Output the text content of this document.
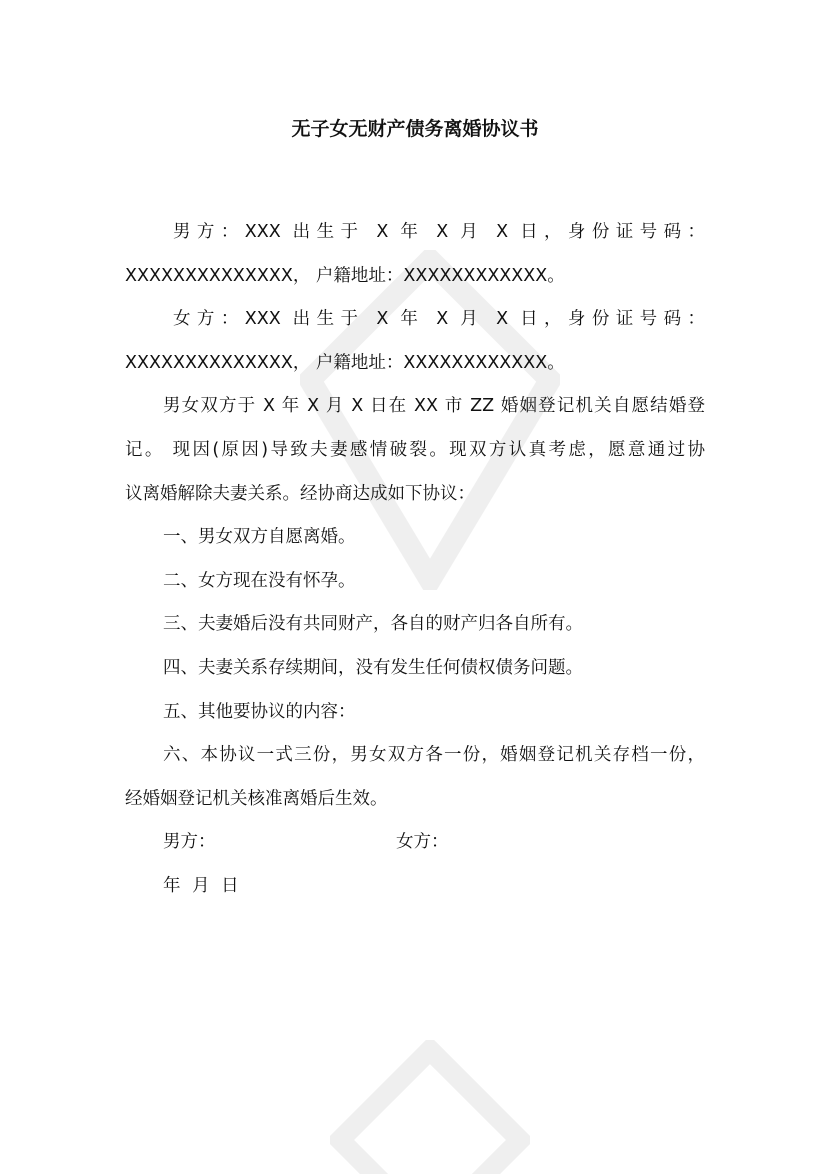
无子女无财产债务离婚协议书
男方：XXX 出生于 X 年 X 月 X 日，身份证号码：
XXXXXXXXXXXXXX， 户籍地址：XXXXXXXXXXXX。
女方：XXX 出生于 X 年 X 月 X 日，身份证号码：
XXXXXXXXXXXXXX， 户籍地址：XXXXXXXXXXXX。
男女双方于 X 年 X 月 X 日在 XX 市 ZZ 婚姻登记机关自愿结婚登
记。 现因(原因)导致夫妻感情破裂。现双方认真考虑，愿意通过协
议离婚解除夫妻关系。经协商达成如下协议：
一、男女双方自愿离婚。
二、女方现在没有怀孕。
三、夫妻婚后没有共同财产，各自的财产归各自所有。
四、夫妻关系存续期间，没有发生任何债权债务问题。
五、其他要协议的内容：
六、本协议一式三份，男女双方各一份，婚姻登记机关存档一份，
经婚姻登记机关核准离婚后生效。
男方：	女方：
年 月 日
